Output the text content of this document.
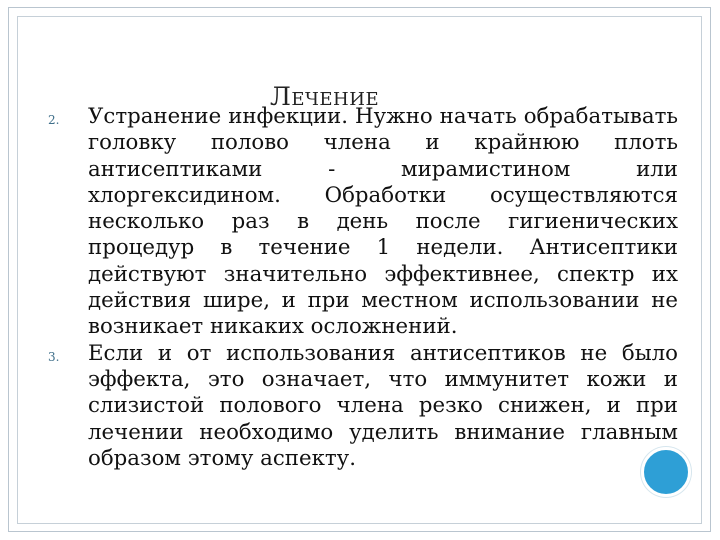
Лечение
2. Устранение инфекции. Нужно начать обрабатывать головку полово члена и крайнюю плоть антисептиками - мирамистином или хлоргексидином. Обработки осуществляются несколько раз в день после гигиенических процедур в течение 1 недели. Антисептики действуют значительно эффективнее, спектр их действия шире, и при местном использовании не возникает никаких осложнений.

3. Если и от использования антисептиков не было эффекта, это означает, что иммунитет кожи и слизистой полового члена резко снижен, и при лечении необходимо уделить внимание главным образом этому аспекту.
